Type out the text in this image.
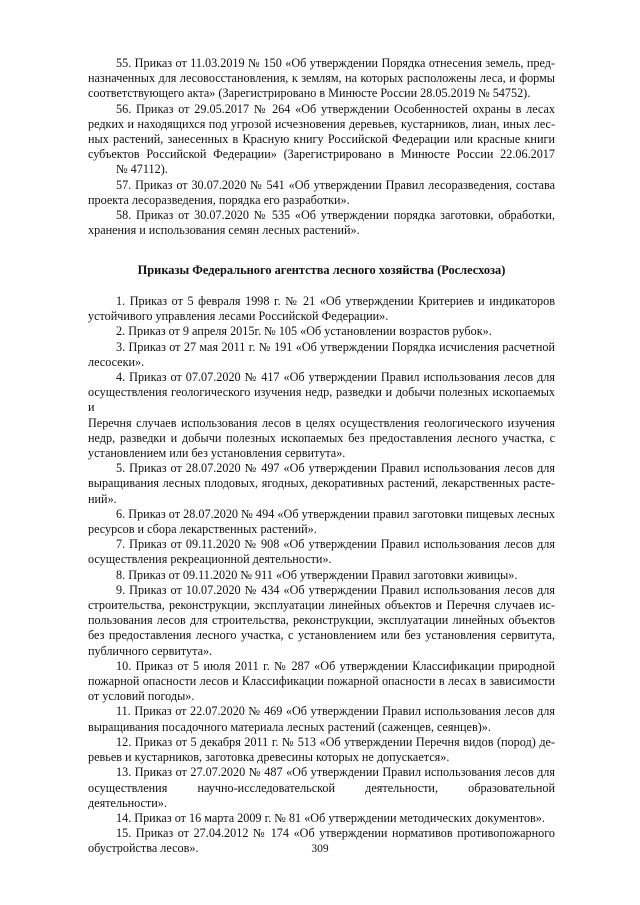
55. Приказ от 11.03.2019 № 150 «Об утверждении Порядка отнесения земель, пред-
назначенных для лесовосстановления, к землям, на которых расположены леса, и формы
соответствующего акта» (Зарегистрировано в Минюсте России 28.05.2019 № 54752).

56. Приказ от 29.05.2017 № 264 «Об утверждении Особенностей охраны в лесах
редких и находящихся под угрозой исчезновения деревьев, кустарников, лиан, иных лес-
ных растений, занесенных в Красную книгу Российской Федерации или красные книги
субъектов Российской Федерации» (Зарегистрировано в Минюсте России 22.06.2017
№ 47112).

57. Приказ от 30.07.2020 № 541 «Об утверждении Правил лесоразведения, состава
проекта лесоразведения, порядка его разработки».

58. Приказ от 30.07.2020 № 535 «Об утверждении порядка заготовки, обработки,
хранения и использования семян лесных растений».

Приказы Федерального агентства лесного хозяйства (Рослесхоза)

1. Приказ от 5 февраля 1998 г. № 21 «Об утверждении Критериев и индикаторов
устойчивого управления лесами Российской Федерации».

2. Приказ от 9 апреля 2015г. № 105 «Об установлении возрастов рубок».

3. Приказ от 27 мая 2011 г. № 191 «Об утверждении Порядка исчисления расчетной
лесосеки».

4. Приказ от 07.07.2020 № 417 «Об утверждении Правил использования лесов для
осуществления геологического изучения недр, разведки и добычи полезных ископаемых и
Перечня случаев использования лесов в целях осуществления геологического изучения
недр, разведки и добычи полезных ископаемых без предоставления лесного участка, с
установлением или без установления сервитута».

5. Приказ от 28.07.2020 № 497 «Об утверждении Правил использования лесов для
выращивания лесных плодовых, ягодных, декоративных растений, лекарственных расте-
ний».

6. Приказ от 28.07.2020 № 494 «Об утверждении правил заготовки пищевых лесных
ресурсов и сбора лекарственных растений».

7. Приказ от 09.11.2020 № 908 «Об утверждении Правил использования лесов для
осуществления рекреационной деятельности».

8. Приказ от 09.11.2020 № 911 «Об утверждении Правил заготовки живицы».

9. Приказ от 10.07.2020 № 434 «Об утверждении Правил использования лесов для
строительства, реконструкции, эксплуатации линейных объектов и Перечня случаев ис-
пользования лесов для строительства, реконструкции, эксплуатации линейных объектов
без предоставления лесного участка, с установлением или без установления сервитута,
публичного сервитута».

10. Приказ от 5 июля 2011 г. № 287 «Об утверждении Классификации природной
пожарной опасности лесов и Классификации пожарной опасности в лесах в зависимости
от условий погоды».

11. Приказ от 22.07.2020 № 469 «Об утверждении Правил использования лесов для
выращивания посадочного материала лесных растений (саженцев, сеянцев)».

12. Приказ от 5 декабря 2011 г. № 513 «Об утверждении Перечня видов (пород) де-
ревьев и кустарников, заготовка древесины которых не допускается».

13. Приказ от 27.07.2020 № 487 «Об утверждении Правил использования лесов для
осуществления научно-исследовательской деятельности, образовательной деятельности».

14. Приказ от 16 марта 2009 г. № 81 «Об утверждении методических документов».

15. Приказ от 27.04.2012 № 174 «Об утверждении нормативов противопожарного
обустройства лесов».	309
